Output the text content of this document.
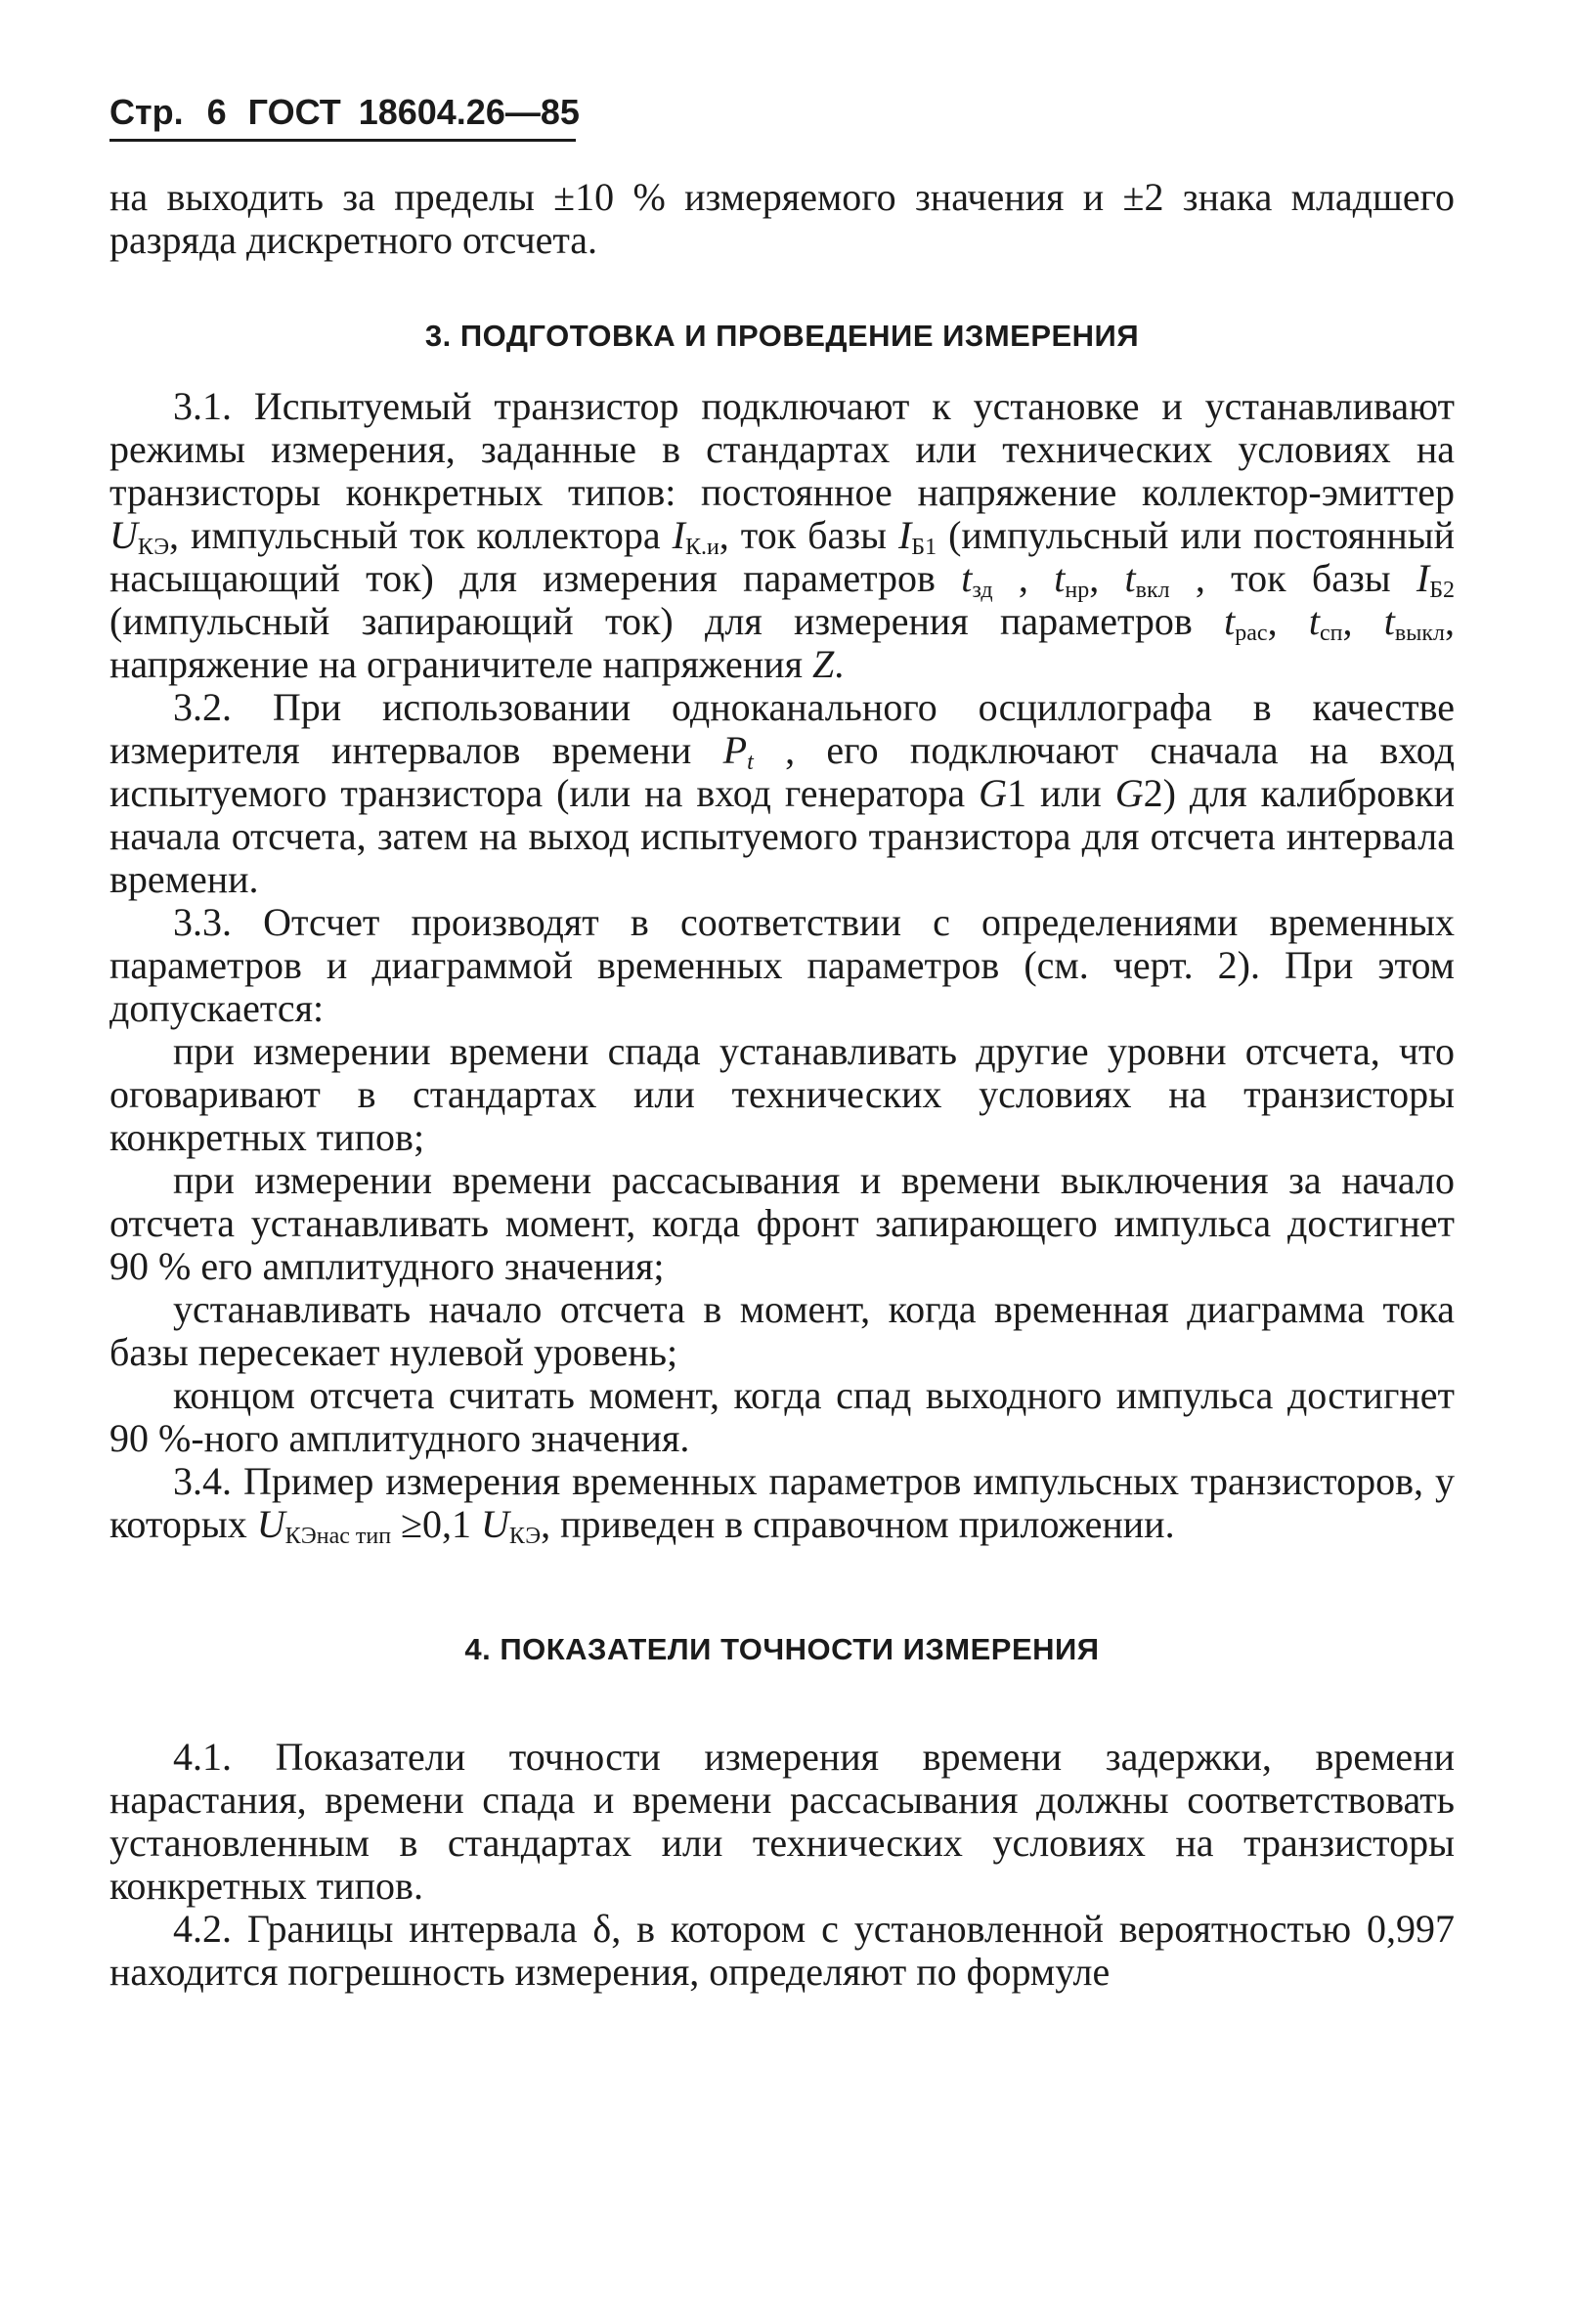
Стр. 6 ГОСТ 18604.26—85

на выходить за пределы ±10 % измеряемого значения и ±2 знака младшего разряда дискретного отсчета.

3. ПОДГОТОВКА И ПРОВЕДЕНИЕ ИЗМЕРЕНИЯ

3.1. Испытуемый транзистор подключают к установке и устанавливают режимы измерения, заданные в стандартах или технических условиях на транзисторы конкретных типов: постоянное напряжение коллектор-эмиттер $U_{КЭ}$, импульсный ток коллектора $I_{К.и}$, ток базы $I_{Б1}$ (импульсный или постоянный насыщающий ток) для измерения параметров $t_{зд}$ , $t_{нр}$, $t_{вкл}$ , ток базы $I_{Б2}$ (импульсный запирающий ток) для измерения параметров $t_{рас}$, $t_{сп}$, $t_{выкл}$, напряжение на ограничителе напряжения Z.

3.2. При использовании одноканального осциллографа в качестве измерителя интервалов времени $P_t$ , его подключают сначала на вход испытуемого транзистора (или на вход генератора G1 или G2) для калибровки начала отсчета, затем на выход испытуемого транзистора для отсчета интервала времени.

3.3. Отсчет производят в соответствии с определениями временных параметров и диаграммой временных параметров (см. черт. 2). При этом допускается:

при измерении времени спада устанавливать другие уровни отсчета, что оговаривают в стандартах или технических условиях на транзисторы конкретных типов;

при измерении времени рассасывания и времени выключения за начало отсчета устанавливать момент, когда фронт запирающего импульса достигнет 90 % его амплитудного значения;

устанавливать начало отсчета в момент, когда временная диаграмма тока базы пересекает нулевой уровень;

концом отсчета считать момент, когда спад выходного импульса достигнет 90 %-ного амплитудного значения.

3.4. Пример измерения временных параметров импульсных транзисторов, у которых $U_{КЭнас тип} \ge 0,1$ $U_{КЭ}$, приведен в справочном приложении.

4. ПОКАЗАТЕЛИ ТОЧНОСТИ ИЗМЕРЕНИЯ

4.1. Показатели точности измерения времени задержки, времени нарастания, времени спада и времени рассасывания должны соответствовать установленным в стандартах или технических условиях на транзисторы конкретных типов.

4.2. Границы интервала δ, в котором с установленной вероятностью 0,997 находится погрешность измерения, определяют по формуле
